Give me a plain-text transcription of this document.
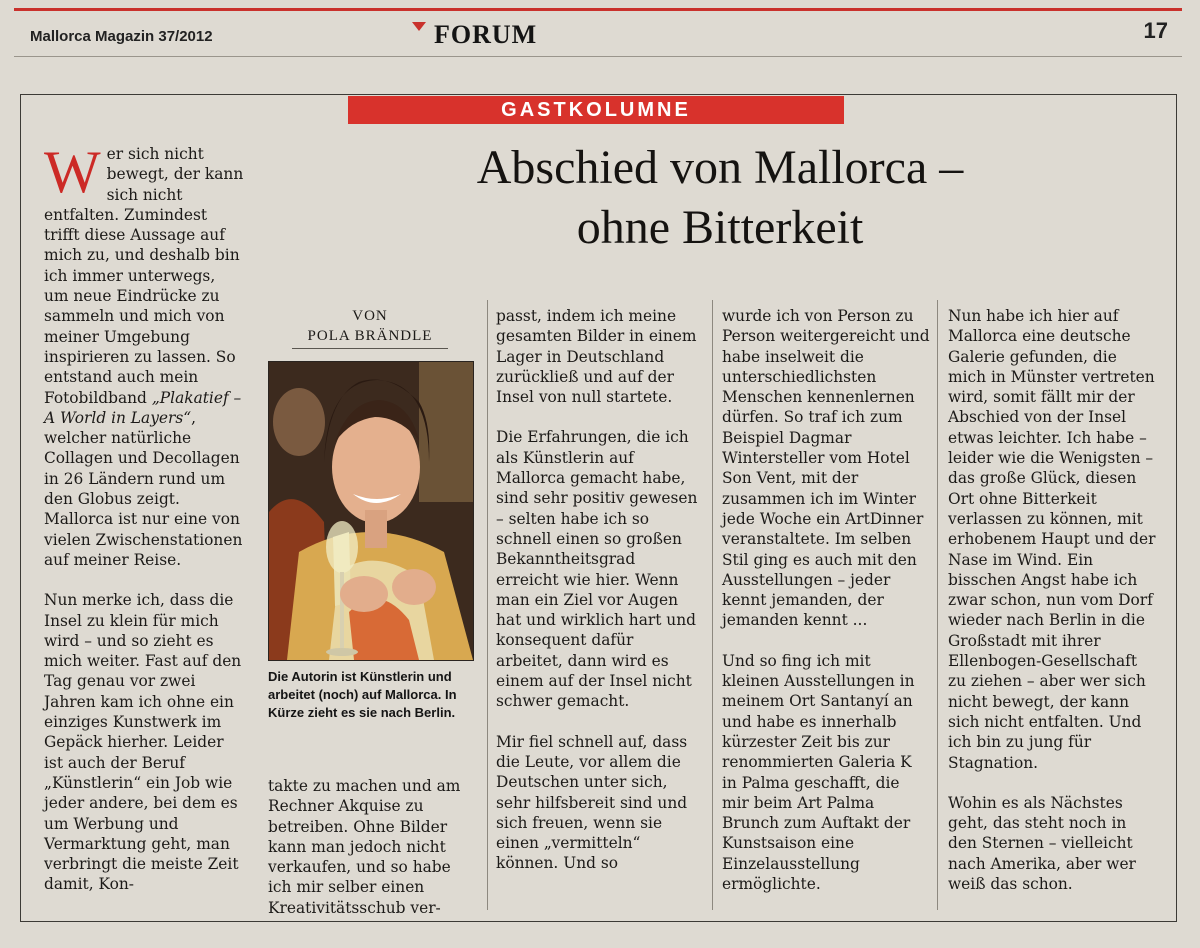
Mallorca Magazin 37/2012	FORUM	17
GASTKOLUMNE
Abschied von Mallorca –
ohne Bitterkeit

Wer sich nicht bewegt, der kann sich nicht entfalten. Zumindest trifft diese Aussage auf mich zu, und deshalb bin ich immer unterwegs, um neue Eindrücke zu sammeln und mich von meiner Umgebung inspirieren zu lassen. So entstand auch mein Fotobildband „Plakatief – A World in Layers“, welcher natürliche Collagen und Decollagen in 26 Ländern rund um den Globus zeigt. Mallorca ist nur eine von vielen Zwischenstationen auf meiner Reise.

Nun merke ich, dass die Insel zu klein für mich wird – und so zieht es mich weiter. Fast auf den Tag genau vor zwei Jahren kam ich ohne ein einziges Kunstwerk im Gepäck hierher. Leider ist auch der Beruf „Künstlerin“ ein Job wie jeder andere, bei dem es um Werbung und Vermarktung geht, man verbringt die meiste Zeit damit, Kon-

VON
POLA BRÄNDLE
Die Autorin ist Künstlerin und arbeitet (noch) auf Mallorca. In Kürze zieht es sie nach Berlin.

takte zu machen und am Rechner Akquise zu betreiben. Ohne Bilder kann man jedoch nicht verkaufen, und so habe ich mir selber einen Kreativitätsschub ver-

passt, indem ich meine gesamten Bilder in einem Lager in Deutschland zurückließ und auf der Insel von null startete.

Die Erfahrungen, die ich als Künstlerin auf Mallorca gemacht habe, sind sehr positiv gewesen – selten habe ich so schnell einen so großen Bekanntheitsgrad erreicht wie hier. Wenn man ein Ziel vor Augen hat und wirklich hart und konsequent dafür arbeitet, dann wird es einem auf der Insel nicht schwer gemacht.

Mir fiel schnell auf, dass die Leute, vor allem die Deutschen unter sich, sehr hilfsbereit sind und sich freuen, wenn sie einen „vermitteln“ können. Und so

wurde ich von Person zu Person weitergereicht und habe inselweit die unterschiedlichsten Menschen kennenlernen dürfen. So traf ich zum Beispiel Dagmar Wintersteller vom Hotel Son Vent, mit der zusammen ich im Winter jede Woche ein ArtDinner veranstaltete. Im selben Stil ging es auch mit den Ausstellungen – jeder kennt jemanden, der jemanden kennt ...

Und so fing ich mit kleinen Ausstellungen in meinem Ort Santanyí an und habe es innerhalb kürzester Zeit bis zur renommierten Galeria K in Palma geschafft, die mir beim Art Palma Brunch zum Auftakt der Kunstsaison eine Einzelausstellung ermöglichte.

Nun habe ich hier auf Mallorca eine deutsche Galerie gefunden, die mich in Münster vertreten wird, somit fällt mir der Abschied von der Insel etwas leichter. Ich habe – leider wie die Wenigsten – das große Glück, diesen Ort ohne Bitterkeit verlassen zu können, mit erhobenem Haupt und der Nase im Wind. Ein bisschen Angst habe ich zwar schon, nun vom Dorf wieder nach Berlin in die Großstadt mit ihrer Ellenbogen-Gesellschaft zu ziehen – aber wer sich nicht bewegt, der kann sich nicht entfalten. Und ich bin zu jung für Stagnation.

Wohin es als Nächstes geht, das steht noch in den Sternen – vielleicht nach Amerika, aber wer weiß das schon.
